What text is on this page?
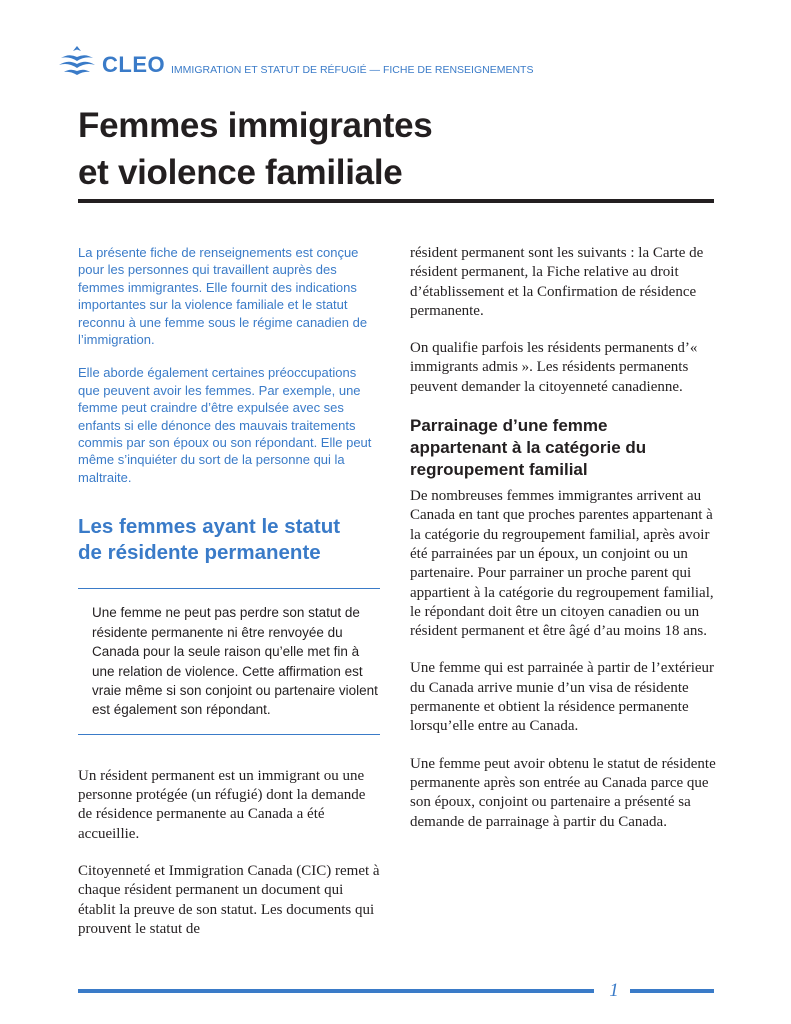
CLEO IMMIGRATION ET STATUT DE RÉFUGIÉ — FICHE DE RENSEIGNEMENTS
Femmes immigrantes
et violence familiale

La présente fiche de renseignements est conçue pour les personnes qui travaillent auprès des femmes immigrantes. Elle fournit des indications importantes sur la violence familiale et le statut reconnu à une femme sous le régime canadien de l’immigration.

Elle aborde également certaines préoccupations que peuvent avoir les femmes. Par exemple, une femme peut craindre d’être expulsée avec ses enfants si elle dénonce des mauvais traitements commis par son époux ou son répondant. Elle peut même s’inquiéter du sort de la personne qui la maltraite.

Les femmes ayant le statut
de résidente permanente

Une femme ne peut pas perdre son statut de résidente permanente ni être renvoyée du Canada pour la seule raison qu’elle met fin à une relation de violence. Cette affirmation est vraie même si son conjoint ou partenaire violent est également son répondant.

Un résident permanent est un immigrant ou une personne protégée (un réfugié) dont la demande de résidence permanente au Canada a été accueillie.

Citoyenneté et Immigration Canada (CIC) remet à chaque résident permanent un document qui établit la preuve de son statut. Les documents qui prouvent le statut de

résident permanent sont les suivants : la Carte de résident permanent, la Fiche relative au droit d’établissement et la Confirmation de résidence permanente.

On qualifie parfois les résidents permanents d’« immigrants admis ». Les résidents permanents peuvent demander la citoyenneté canadienne.

Parrainage d’une femme
appartenant à la catégorie du
regroupement familial

De nombreuses femmes immigrantes arrivent au Canada en tant que proches parentes appartenant à la catégorie du regroupement familial, après avoir été parrainées par un époux, un conjoint ou un partenaire. Pour parrainer un proche parent qui appartient à la catégorie du regroupement familial, le répondant doit être un citoyen canadien ou un résident permanent et être âgé d’au moins 18 ans.

Une femme qui est parrainée à partir de l’extérieur du Canada arrive munie d’un visa de résidente permanente et obtient la résidence permanente lorsqu’elle entre au Canada.

Une femme peut avoir obtenu le statut de résidente permanente après son entrée au Canada parce que son époux, conjoint ou partenaire a présenté sa demande de parrainage à partir du Canada.

1
